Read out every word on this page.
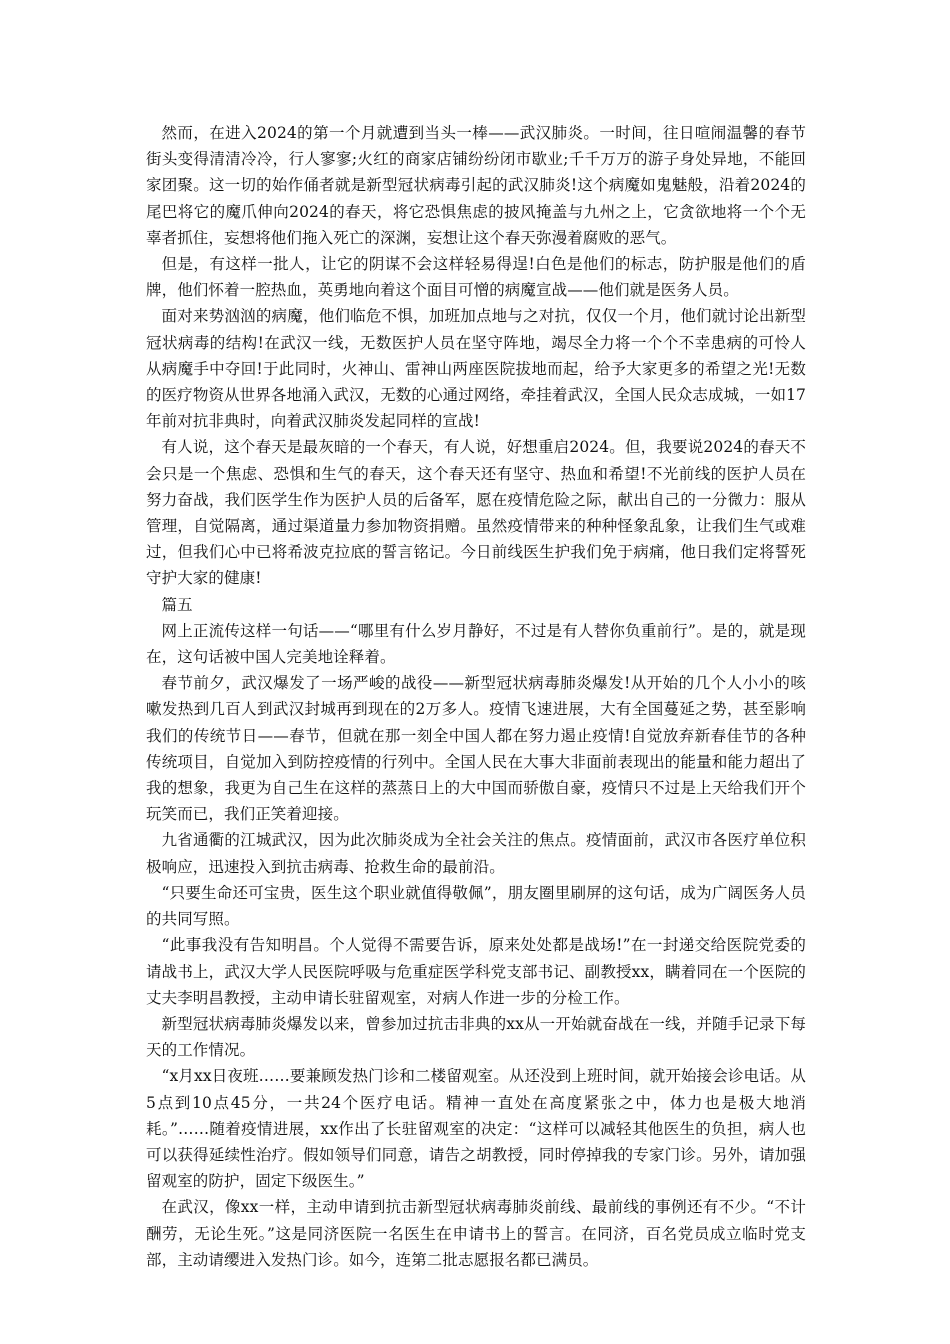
然而，在进入2024的第一个月就遭到当头一棒——武汉肺炎。一时间，往日喧闹温馨的春节街头变得清清冷冷，行人寥寥;火红的商家店铺纷纷闭市歇业;千千万万的游子身处异地，不能回家团聚。这一切的始作俑者就是新型冠状病毒引起的武汉肺炎!这个病魔如鬼魅般，沿着2024的尾巴将它的魔爪伸向2024的春天，将它恐惧焦虑的披风掩盖与九州之上，它贪欲地将一个个无辜者抓住，妄想将他们拖入死亡的深渊，妄想让这个春天弥漫着腐败的恶气。

但是，有这样一批人，让它的阴谋不会这样轻易得逞!白色是他们的标志，防护服是他们的盾牌，他们怀着一腔热血，英勇地向着这个面目可憎的病魔宣战——他们就是医务人员。

面对来势汹汹的病魔，他们临危不惧，加班加点地与之对抗，仅仅一个月，他们就讨论出新型冠状病毒的结构!在武汉一线，无数医护人员在坚守阵地，竭尽全力将一个个不幸患病的可怜人从病魔手中夺回!于此同时，火神山、雷神山两座医院拔地而起，给予大家更多的希望之光!无数的医疗物资从世界各地涌入武汉，无数的心通过网络，牵挂着武汉，全国人民众志成城，一如17年前对抗非典时，向着武汉肺炎发起同样的宣战!

有人说，这个春天是最灰暗的一个春天，有人说，好想重启2024。但，我要说2024的春天不会只是一个焦虑、恐惧和生气的春天，这个春天还有坚守、热血和希望!不光前线的医护人员在努力奋战，我们医学生作为医护人员的后备军，愿在疫情危险之际，献出自己的一分微力：服从管理，自觉隔离，通过渠道量力参加物资捐赠。虽然疫情带来的种种怪象乱象，让我们生气或难过，但我们心中已将希波克拉底的誓言铭记。今日前线医生护我们免于病痛，他日我们定将誓死守护大家的健康!

篇五

网上正流传这样一句话——“哪里有什么岁月静好，不过是有人替你负重前行”。是的，就是现在，这句话被中国人完美地诠释着。

春节前夕，武汉爆发了一场严峻的战役——新型冠状病毒肺炎爆发!从开始的几个人小小的咳嗽发热到几百人到武汉封城再到现在的2万多人。疫情飞速进展，大有全国蔓延之势，甚至影响我们的传统节日——春节，但就在那一刻全中国人都在努力遏止疫情!自觉放弃新春佳节的各种传统项目，自觉加入到防控疫情的行列中。全国人民在大事大非面前表现出的能量和能力超出了我的想象，我更为自己生在这样的蒸蒸日上的大中国而骄傲自豪，疫情只不过是上天给我们开个玩笑而已，我们正笑着迎接。

九省通衢的江城武汉，因为此次肺炎成为全社会关注的焦点。疫情面前，武汉市各医疗单位积极响应，迅速投入到抗击病毒、抢救生命的最前沿。

“只要生命还可宝贵，医生这个职业就值得敬佩”，朋友圈里刷屏的这句话，成为广阔医务人员的共同写照。

“此事我没有告知明昌。个人觉得不需要告诉，原来处处都是战场!”在一封递交给医院党委的请战书上，武汉大学人民医院呼吸与危重症医学科党支部书记、副教授xx，瞒着同在一个医院的丈夫李明昌教授，主动申请长驻留观室，对病人作进一步的分检工作。

新型冠状病毒肺炎爆发以来，曾参加过抗击非典的xx从一开始就奋战在一线，并随手记录下每天的工作情况。

“x月xx日夜班……要兼顾发热门诊和二楼留观室。从还没到上班时间，就开始接会诊电话。从5点到10点45分，一共24个医疗电话。精神一直处在高度紧张之中，体力也是极大地消耗。”……随着疫情进展，xx作出了长驻留观室的决定：“这样可以减轻其他医生的负担，病人也可以获得延续性治疗。假如领导们同意，请告之胡教授，同时停掉我的专家门诊。另外，请加强留观室的防护，固定下级医生。”

在武汉，像xx一样，主动申请到抗击新型冠状病毒肺炎前线、最前线的事例还有不少。“不计酬劳，无论生死。”这是同济医院一名医生在申请书上的誓言。在同济，百名党员成立临时党支部，主动请缨进入发热门诊。如今，连第二批志愿报名都已满员。
